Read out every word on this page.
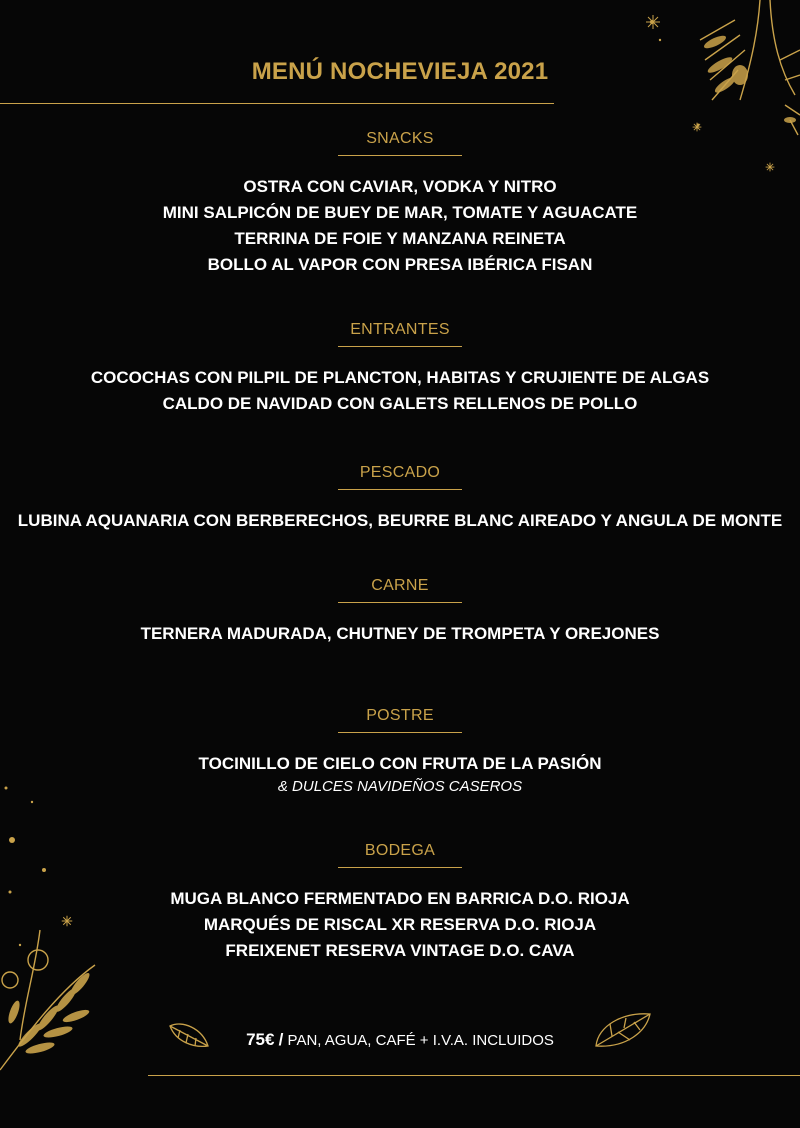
MENÚ NOCHEVIEJA 2021
SNACKS
OSTRA CON CAVIAR, VODKA Y NITRO
MINI SALPICÓN DE BUEY DE MAR, TOMATE Y AGUACATE
TERRINA DE FOIE Y MANZANA REINETA
BOLLO AL VAPOR CON PRESA IBÉRICA FISAN
ENTRANTES
COCOCHAS CON PILPIL DE PLANCTON, HABITAS Y CRUJIENTE DE ALGAS
CALDO DE NAVIDAD CON GALETS RELLENOS DE POLLO
PESCADO
LUBINA AQUANARIA CON BERBERECHOS, BEURRE BLANC AIREADO Y ANGULA DE MONTE
CARNE
TERNERA MADURADA, CHUTNEY DE TROMPETA Y OREJONES
POSTRE
TOCINILLO DE CIELO CON FRUTA DE LA PASIÓN
& DULCES NAVIDEÑOS CASEROS
BODEGA
MUGA BLANCO FERMENTADO EN BARRICA D.O. RIOJA
MARQUÉS DE RISCAL XR RESERVA D.O. RIOJA
FREIXENET RESERVA VINTAGE D.O. CAVA
75€ / PAN, AGUA, CAFÉ + I.V.A. INCLUIDOS
